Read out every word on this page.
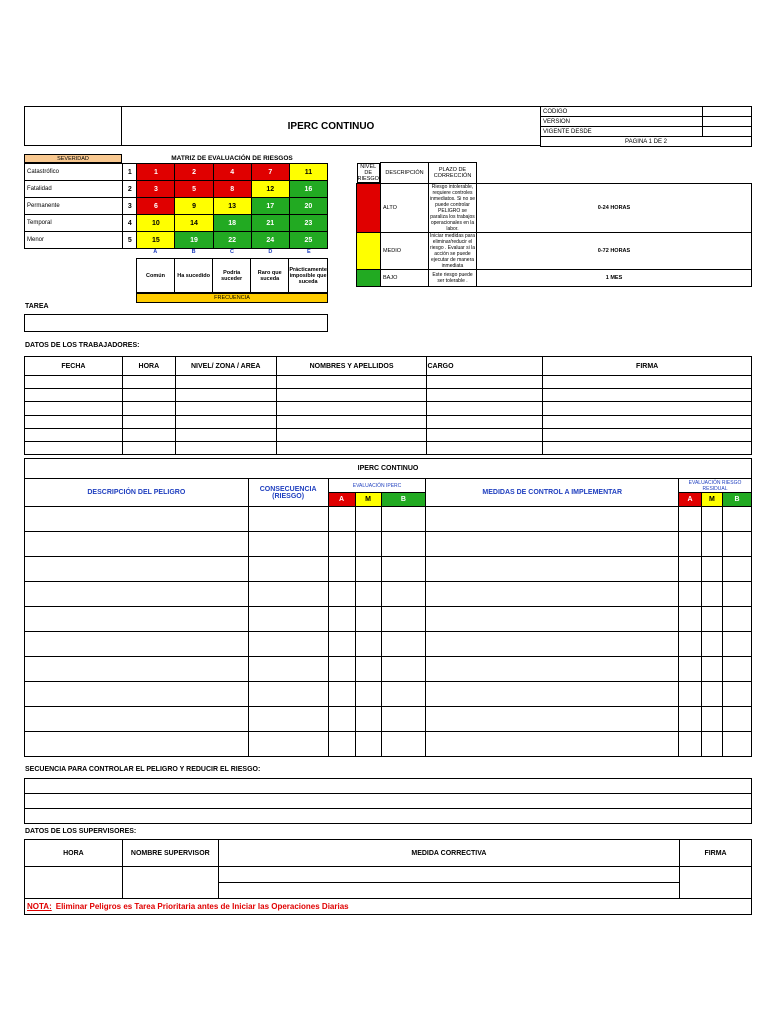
IPERC CONTINUO
CODIGO	
VERSION	
VIGENTE DESDE	
PAGINA 1 DE 2	
SEVERIDAD	MATRIZ DE EVALUACIÓN DE RIESGOS
Catastrófico	1	1	2	4	7	11
Fatalidad	2	3	5	8	12	16
Permanente	3	6	9	13	17	20
Temporal	4	10	14	18	21	23
Menor	5	15	19	22	24	25
A	B	C	D	E
Común	Ha sucedido	Podría suceder	Raro que suceda	Prácticamente imposible que suceda
FRECUENCIA
NIVEL DE RIESGO
DESCRIPCIÓN	PLAZO DE CORRECCIÓN	
	ALTO	Riesgo intolerable, requiere controles inmediatos. Si no se puede controlar PELIGRO se paraliza los trabajos operacionales en la labor.	0-24 HORAS
	MEDIO	Iniciar medidas para eliminar/reducir el riesgo . Evaluar si la acción se puede ejecutar de manera inmediata	0-72 HORAS
	BAJO	Este riesgo puede ser tolerable .	1 MES
TAREA
DATOS DE LOS TRABAJADORES:
FECHA	HORA	NIVEL/ ZONA / AREA	NOMBRES Y APELLIDOS	CARGO	FIRMA

IPERC CONTINUO								
DESCRIPCIÓN DEL PELIGRO	CONSECUENCIA (RIESGO)	EVALUACIÓN IPERC			MEDIDAS DE CONTROL A IMPLEMENTAR	EVALUACIÓN RIESGO RESIDUAL		
		A	M	B		A	M	B

SECUENCIA PARA CONTROLAR EL PELIGRO Y REDUCIR EL RIESGO:

DATOS DE LOS SUPERVISORES:
HORA	NOMBRE SUPERVISOR	MEDIDA CORRECTIVA	FIRMA

NOTA: Eliminar Peligros es Tarea Prioritaria antes de Iniciar las Operaciones Diarias
